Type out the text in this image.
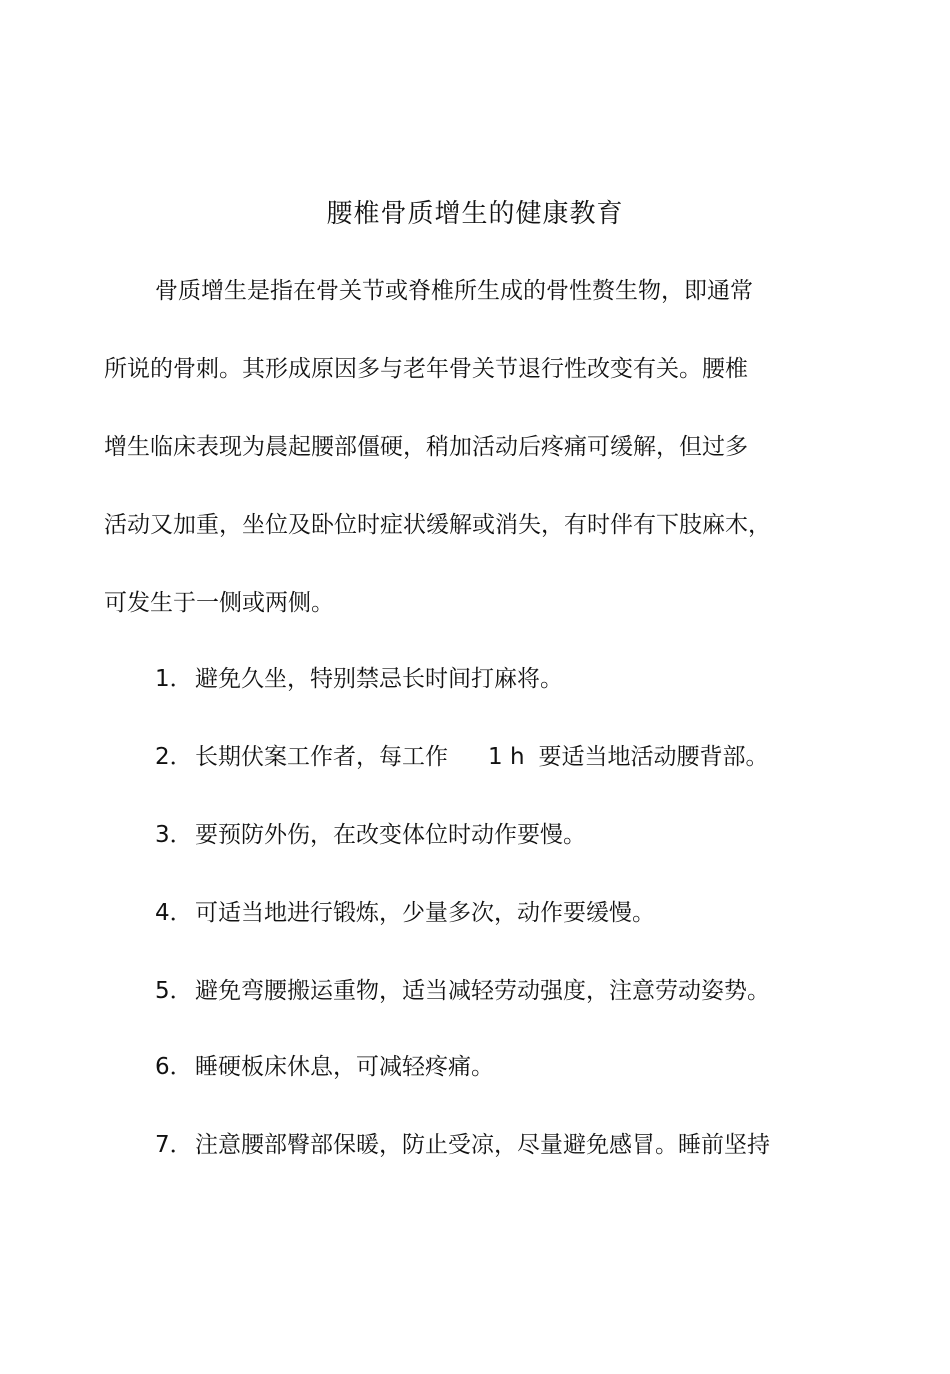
腰椎骨质增生的健康教育
骨质增生是指在骨关节或脊椎所生成的骨性赘生物，即通常
所说的骨刺。其形成原因多与老年骨关节退行性改变有关。腰椎
增生临床表现为晨起腰部僵硬，稍加活动后疼痛可缓解，但过多
活动又加重，坐位及卧位时症状缓解或消失，有时伴有下肢麻木，
可发生于一侧或两侧。
1． 避免久坐，特别禁忌长时间打麻将。
2． 长期伏案工作者，每工作 1 h 要适当地活动腰背部。
3． 要预防外伤，在改变体位时动作要慢。
4． 可适当地进行锻炼，少量多次，动作要缓慢。
5． 避免弯腰搬运重物，适当减轻劳动强度，注意劳动姿势。
6． 睡硬板床休息，可减轻疼痛。
7． 注意腰部臀部保暖，防止受凉，尽量避免感冒。睡前坚持
